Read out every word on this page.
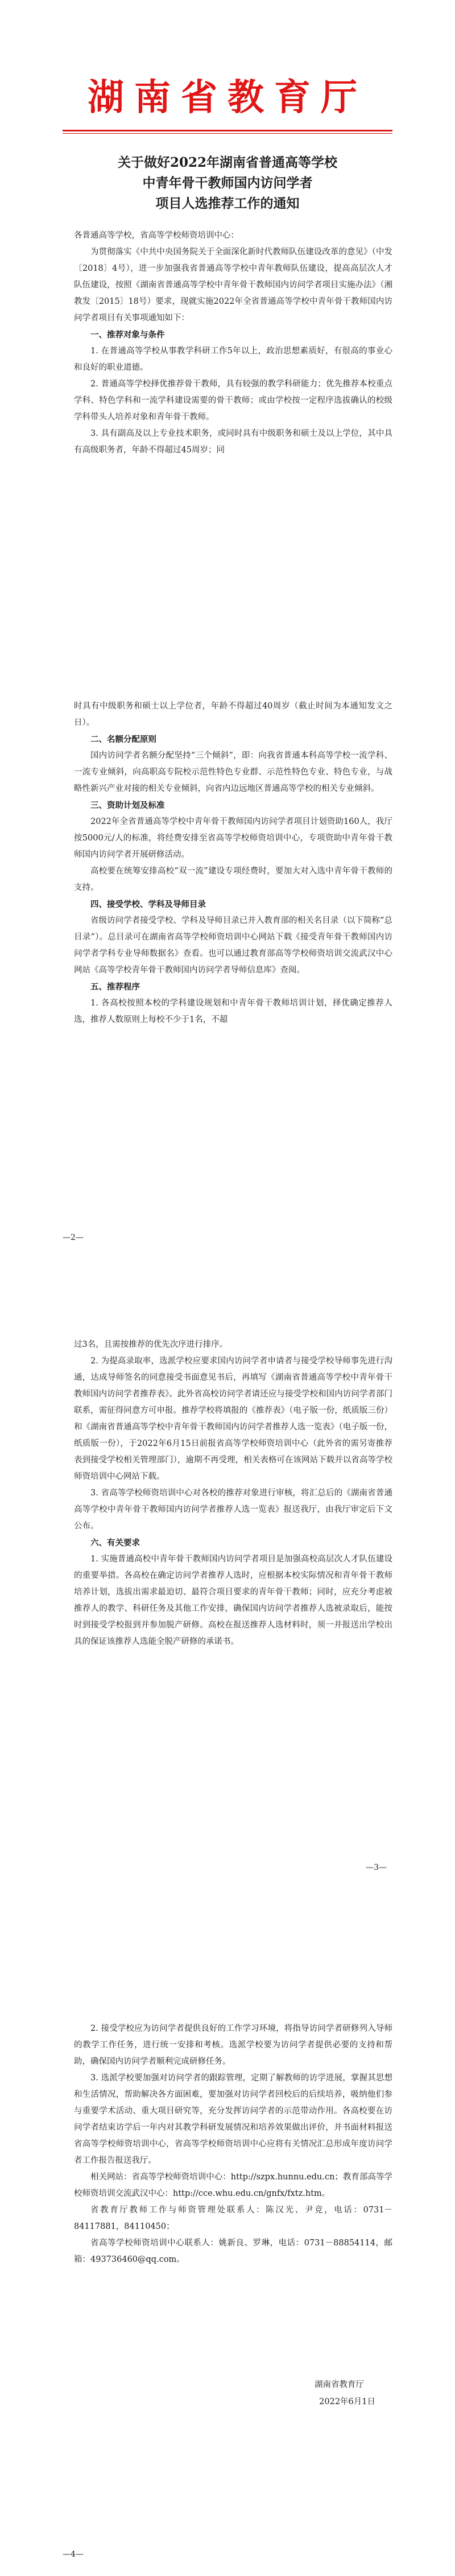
湖南省教育厅
关于做好2022年湖南省普通高等学校
中青年骨干教师国内访问学者
项目人选推荐工作的通知

各普通高等学校，省高等学校师资培训中心：

为贯彻落实《中共中央国务院关于全面深化新时代教师队伍建设改革的意见》（中发〔2018〕4号），进一步加强我省普通高等学校中青年教师队伍建设，提高高层次人才队伍建设，按照《湖南省普通高等学校中青年骨干教师国内访问学者项目实施办法》（湘教发〔2015〕18号）要求，现就实施2022年全省普通高等学校中青年骨干教师国内访问学者项目有关事项通知如下：

一、推荐对象与条件

1. 在普通高等学校从事教学科研工作5年以上，政治思想素质好，有很高的事业心和良好的职业道德。

2. 普通高等学校择优推荐骨干教师，具有较强的教学科研能力；优先推荐本校重点学科、特色学科和一流学科建设需要的骨干教师；或由学校按一定程序选拔确认的校级学科带头人培养对象和青年骨干教师。

3. 具有副高及以上专业技术职务，或同时具有中级职务和硕士及以上学位，其中具有高级职务者，年龄不得超过45周岁；同

时具有中级职务和硕士以上学位者，年龄不得超过40周岁（截止时间为本通知发文之日）。

二、名额分配原则

国内访问学者名额分配坚持“三个倾斜”，即：向我省普通本科高等学校一流学科、一流专业倾斜，向高职高专院校示范性特色专业群、示范性特色专业、特色专业，与战略性新兴产业对接的相关专业倾斜，向省内边远地区普通高等学校的相关专业倾斜。

三、资助计划及标准

2022年全省普通高等学校中青年骨干教师国内访问学者项目计划资助160人，我厅按5000元/人的标准，将经费安排至省高等学校师资培训中心，专项资助中青年骨干教师国内访问学者开展研修活动。

高校要在统筹安排高校“双一流”建设专项经费时，要加大对入选中青年骨干教师的支持。

四、接受学校、学科及导师目录

省级访问学者接受学校、学科及导师目录已并入教育部的相关名目录（以下简称“总目录”）。总目录可在湖南省高等学校师资培训中心网站下载《接受青年骨干教师国内访问学者学科专业导师数据名》查看。也可以通过教育部高等学校师资培训交流武汉中心网站《高等学校青年骨干教师国内访问学者导师信息库》查阅。

五、推荐程序

1. 各高校按照本校的学科建设规划和中青年骨干教师培训计划，择优确定推荐人选，推荐人数原则上每校不少于1名，不超

—2—

过3名，且需按推荐的优先次序进行排序。

2. 为提高录取率，选派学校应要求国内访问学者申请者与接受学校导师事先进行沟通，达成导师签名的同意接受书面意见书后，再填写《湖南省普通高等学校中青年骨干教师国内访问学者推荐表》。此外省高校访问学者请还应与接受学校和国内访问学者部门联系，需征得同意方可申报。推荐学校将填报的《推荐表》（电子版一份，纸质版三份）和《湖南省普通高等学校中青年骨干教师国内访问学者推荐人选一览表》（电子版一份，纸质版一份），于2022年6月15日前报省高等学校师资培训中心（此外省的需另寄推荐表到接受学校相关管理部门），逾期不再受理，相关表格可在该网站下载并以省高等学校师资培训中心网站下载。

3. 省高等学校师资培训中心对各校的推荐对象进行审核，将汇总后的《湖南省普通高等学校中青年骨干教师国内访问学者推荐人选一览表》报送我厅，由我厅审定后下文公布。

六、有关要求

1. 实施普通高校中青年骨干教师国内访问学者项目是加强高校高层次人才队伍建设的重要举措。各高校在确定访问学者推荐人选时，应根据本校实际情况和青年骨干教师培养计划，选拔出需求最迫切、最符合项目要求的青年骨干教师；同时，应充分考虑被推荐人的教学、科研任务及其他工作安排，确保国内访问学者推荐人选被录取后，能按时到接受学校报到并参加脱产研修。高校在报送推荐人选材料时，须一并报送出学校出具的保证该推荐人选能全脱产研修的承诺书。

—3—

2. 接受学校应为访问学者提供良好的工作学习环境，将指导访问学者研修列入导师的教学工作任务，进行统一安排和考核。选派学校要为访问学者提供必要的支持和帮助，确保国内访问学者顺利完成研修任务。

3. 选派学校要加强对访问学者的跟踪管理，定期了解教师的访学进展，掌握其思想和生活情况，帮助解决各方面困难，要加强对访问学者回校后的后续培养，吸纳他们参与重要学术活动、重大项目研究等，充分发挥访问学者的示范带动作用。各高校要在访问学者结束访学后一年内对其教学科研发展情况和培养效果做出评价，并书面材料报送省高等学校师资培训中心，省高等学校师资培训中心应将有关情况汇总形成年度访问学者工作报告报送我厅。

相关网站：省高等学校师资培训中心：http://szpx.hunnu.edu.cn；教育部高等学校师资培训交流武汉中心：http://cce.whu.edu.cn/gnfx/fxtz.htm。

省教育厅教师工作与师资管理处联系人：陈汉光、尹竞，电话：0731－84117881，84110450；

省高等学校师资培训中心联系人：姚新良、罗琳，电话：0731－88854114，邮箱：493736460@qq.com。

湖南省教育厅
2022年6月1日
—4—
